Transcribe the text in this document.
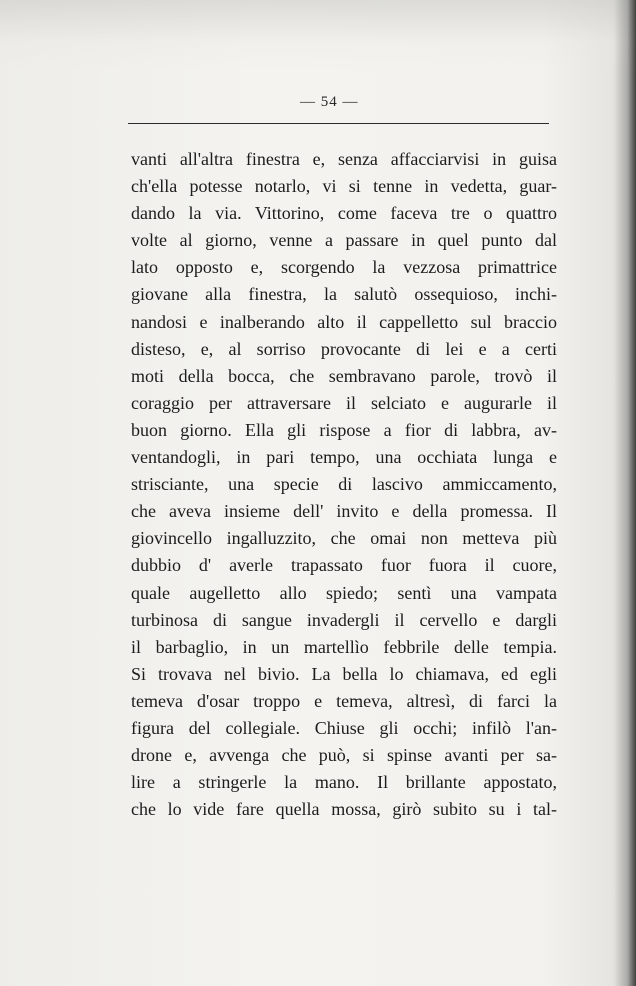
— 54 —
vanti all'altra finestra e, senza affacciarvisi in guisa
ch'ella potesse notarlo, vi si tenne in vedetta, guar-
dando la via. Vittorino, come faceva tre o quattro
volte al giorno, venne a passare in quel punto dal
lato opposto e, scorgendo la vezzosa primattrice
giovane alla finestra, la salutò ossequioso, inchi-
nandosi e inalberando alto il cappelletto sul braccio
disteso, e, al sorriso provocante di lei e a certi
moti della bocca, che sembravano parole, trovò il
coraggio per attraversare il selciato e augurarle il
buon giorno. Ella gli rispose a fior di labbra, av-
ventandogli, in pari tempo, una occhiata lunga e
strisciante, una specie di lascivo ammiccamento,
che aveva insieme dell' invito e della promessa. Il
giovincello ingalluzzito, che omai non metteva più
dubbio d' averle trapassato fuor fuora il cuore,
quale augelletto allo spiedo; sentì una vampata
turbinosa di sangue invadergli il cervello e dargli
il barbaglio, in un martellìo febbrile delle tempia.
Si trovava nel bivio. La bella lo chiamava, ed egli
temeva d'osar troppo e temeva, altresì, di farci la
figura del collegiale. Chiuse gli occhi; infilò l'an-
drone e, avvenga che può, si spinse avanti per sa-
lire a stringerle la mano. Il brillante appostato,
che lo vide fare quella mossa, girò subito su i tal-
